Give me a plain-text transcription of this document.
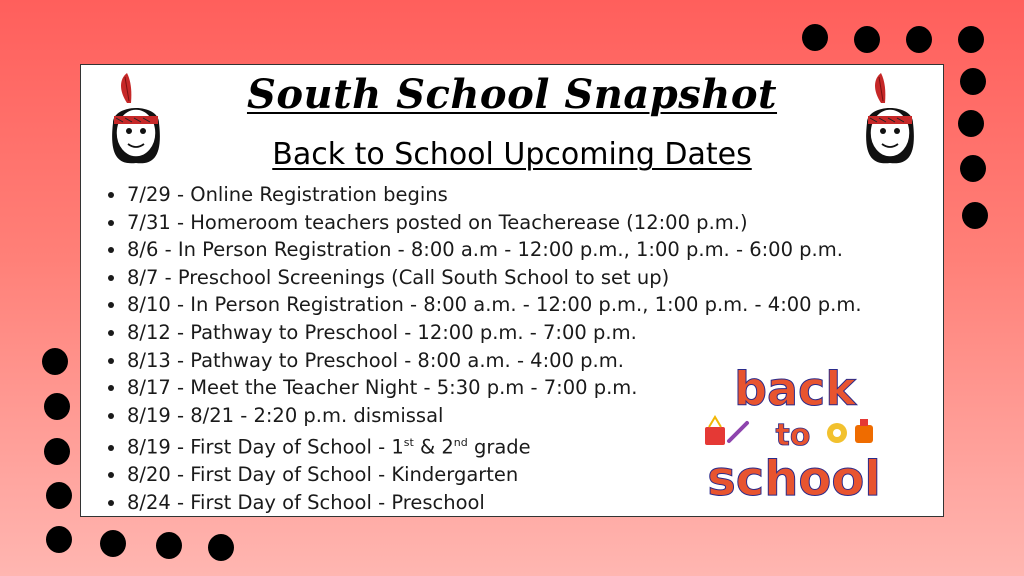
South School Snapshot
Back to School Upcoming Dates
• 7/29 - Online Registration begins
• 7/31 - Homeroom teachers posted on Teacherease (12:00 p.m.)
• 8/6 - In Person Registration - 8:00 a.m - 12:00 p.m., 1:00 p.m. - 6:00 p.m.
• 8/7 - Preschool Screenings (Call South School to set up)
• 8/10 - In Person Registration - 8:00 a.m. - 12:00 p.m., 1:00 p.m. - 4:00 p.m.
• 8/12 - Pathway to Preschool - 12:00 p.m. - 7:00 p.m.
• 8/13 - Pathway to Preschool - 8:00 a.m. - 4:00 p.m.
• 8/17 - Meet the Teacher Night - 5:30 p.m - 7:00 p.m.
• 8/19 - 8/21 - 2:20 p.m. dismissal
• 8/19 - First Day of School - 1st & 2nd grade
• 8/20 - First Day of School - Kindergarten
• 8/24 - First Day of School - Preschool
back
to
school
